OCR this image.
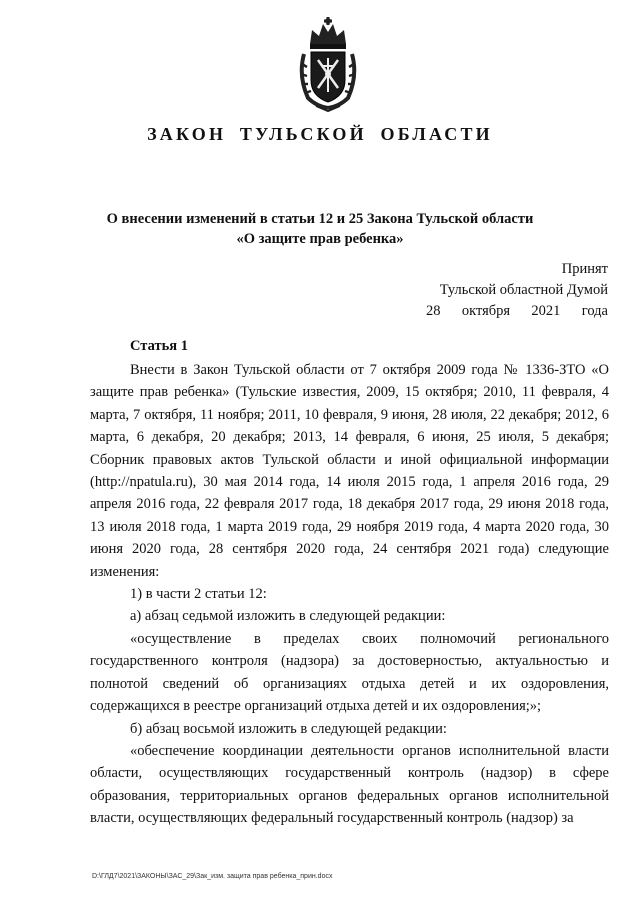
ЗАКОН ТУЛЬСКОЙ ОБЛАСТИ
О внесении изменений в статьи 12 и 25 Закона Тульской области
«О защите прав ребенка»
Принят
Тульской областной Думой
28 октября 2021 года
Статья 1

Внести в Закон Тульской области от 7 октября 2009 года № 1336-ЗТО «О защите прав ребенка» (Тульские известия, 2009, 15 октября; 2010, 11 февраля, 4 марта, 7 октября, 11 ноября; 2011, 10 февраля, 9 июня, 28 июля, 22 декабря; 2012, 6 марта, 6 декабря, 20 декабря; 2013, 14 февраля, 6 июня, 25 июля, 5 декабря; Сборник правовых актов Тульской области и иной официальной информации (http://npatula.ru), 30 мая 2014 года, 14 июля 2015 года, 1 апреля 2016 года, 29 апреля 2016 года, 22 февраля 2017 года, 18 декабря 2017 года, 29 июня 2018 года, 13 июля 2018 года, 1 марта 2019 года, 29 ноября 2019 года, 4 марта 2020 года, 30 июня 2020 года, 28 сентября 2020 года, 24 сентября 2021 года) следующие изменения:

1) в части 2 статьи 12:

а) абзац седьмой изложить в следующей редакции:

«осуществление в пределах своих полномочий регионального государственного контроля (надзора) за достоверностью, актуальностью и полнотой сведений об организациях отдыха детей и их оздоровления, содержащихся в реестре организаций отдыха детей и их оздоровления;»;

б) абзац восьмой изложить в следующей редакции:

«обеспечение координации деятельности органов исполнительной власти области, осуществляющих государственный контроль (надзор) в сфере образования, территориальных органов федеральных органов исполнительной власти, осуществляющих федеральный государственный контроль (надзор) за

D:\ГЛД7\2021\ЗАКОНЫ\ЗАС_29\Зак_изм. защита прав ребенка_прин.docx
